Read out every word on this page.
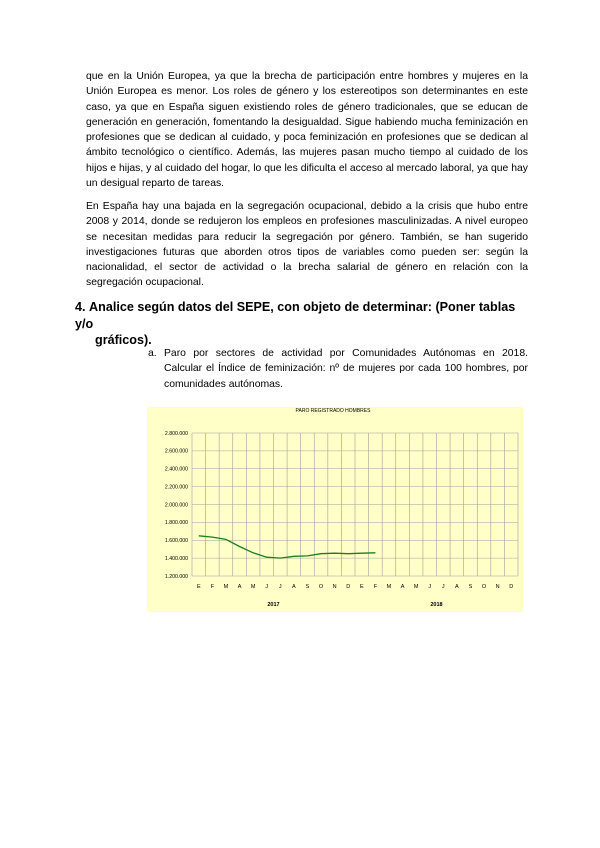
que en la Unión Europea, ya que la brecha de participación entre hombres y mujeres en la Unión Europea es menor. Los roles de género y los estereotipos son determinantes en este caso, ya que en España siguen existiendo roles de género tradicionales, que se educan de generación en generación, fomentando la desigualdad. Sigue habiendo mucha feminización en profesiones que se dedican al cuidado, y poca feminización en profesiones que se dedican al ámbito tecnológico o científico. Además, las mujeres pasan mucho tiempo al cuidado de los hijos e hijas, y al cuidado del hogar, lo que les dificulta el acceso al mercado laboral, ya que hay un desigual reparto de tareas.

En España hay una bajada en la segregación ocupacional, debido a la crisis que hubo entre 2008 y 2014, donde se redujeron los empleos en profesiones masculinizadas. A nivel europeo se necesitan medidas para reducir la segregación por género. También, se han sugerido investigaciones futuras que aborden otros tipos de variables como pueden ser: según la nacionalidad, el sector de actividad o la brecha salarial de género en relación con la segregación ocupacional.

4. Analice según datos del SEPE, con objeto de determinar: (Poner tablas y/o
gráficos).
a. Paro por sectores de actividad por Comunidades Autónomas en 2018. Calcular el Índice de feminización: nº de mujeres por cada 100 hombres, por comunidades autónomas.
PARO REGISTRADO HOMBRES
1.200.000
1.400.000
1.600.000
1.800.000
2.000.000
2.200.000
2.400.000
2.600.000
2.800.000
E F M A M J J A S O N D E F M A M J J A S O N D
2017	2018
